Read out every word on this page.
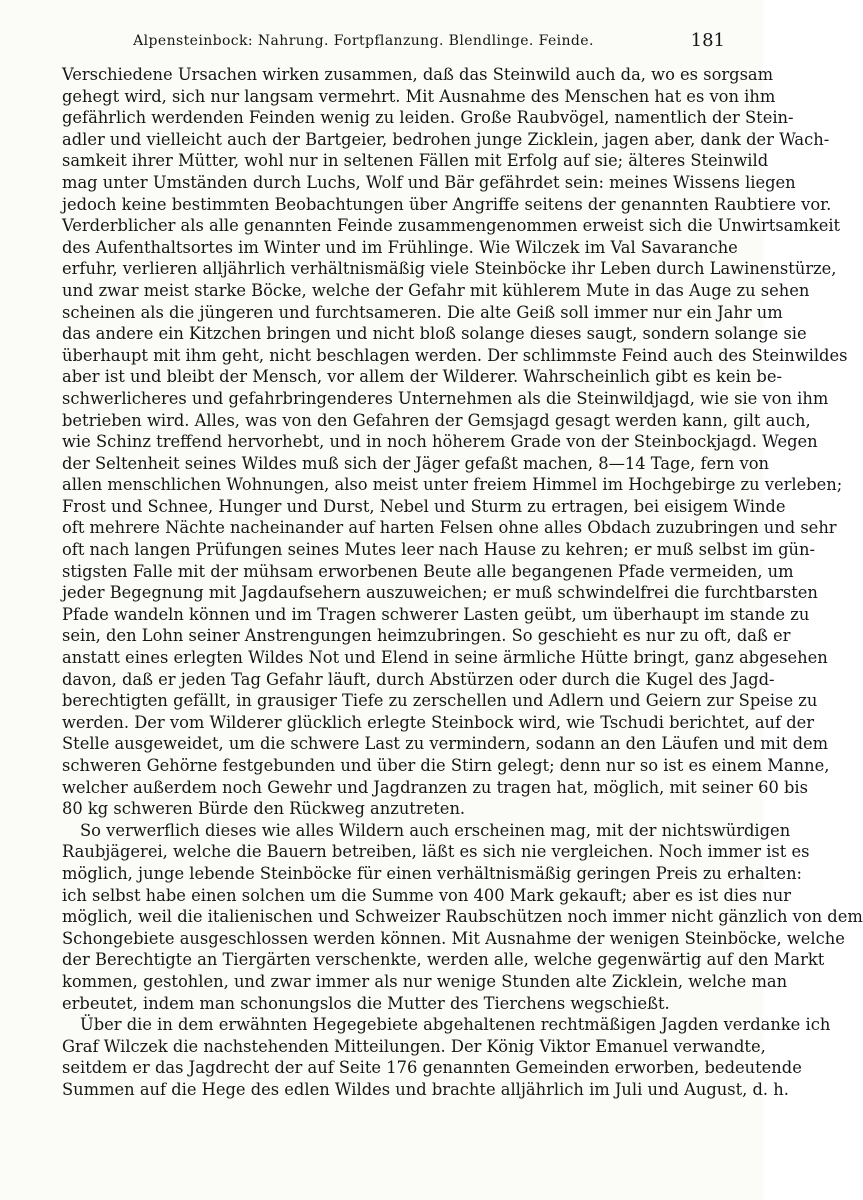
Alpensteinbock: Nahrung. Fortpflanzung. Blendlinge. Feinde.	181
Verschiedene Ursachen wirken zusammen, daß das Steinwild auch da, wo es sorgsam
gehegt wird, sich nur langsam vermehrt. Mit Ausnahme des Menschen hat es von ihm
gefährlich werdenden Feinden wenig zu leiden. Große Raubvögel, namentlich der Stein-
adler und vielleicht auch der Bartgeier, bedrohen junge Zicklein, jagen aber, dank der Wach-
samkeit ihrer Mütter, wohl nur in seltenen Fällen mit Erfolg auf sie; älteres Steinwild
mag unter Umständen durch Luchs, Wolf und Bär gefährdet sein: meines Wissens liegen
jedoch keine bestimmten Beobachtungen über Angriffe seitens der genannten Raubtiere vor.
Verderblicher als alle genannten Feinde zusammengenommen erweist sich die Unwirtsamkeit
des Aufenthaltsortes im Winter und im Frühlinge. Wie Wilczek im Val Savaranche
erfuhr, verlieren alljährlich verhältnismäßig viele Steinböcke ihr Leben durch Lawinenstürze,
und zwar meist starke Böcke, welche der Gefahr mit kühlerem Mute in das Auge zu sehen
scheinen als die jüngeren und furchtsameren. Die alte Geiß soll immer nur ein Jahr um
das andere ein Kitzchen bringen und nicht bloß solange dieses saugt, sondern solange sie
überhaupt mit ihm geht, nicht beschlagen werden. Der schlimmste Feind auch des Steinwildes
aber ist und bleibt der Mensch, vor allem der Wilderer. Wahrscheinlich gibt es kein be-
schwerlicheres und gefahrbringenderes Unternehmen als die Steinwildjagd, wie sie von ihm
betrieben wird. Alles, was von den Gefahren der Gemsjagd gesagt werden kann, gilt auch,
wie Schinz treffend hervorhebt, und in noch höherem Grade von der Steinbockjagd. Wegen
der Seltenheit seines Wildes muß sich der Jäger gefaßt machen, 8—14 Tage, fern von
allen menschlichen Wohnungen, also meist unter freiem Himmel im Hochgebirge zu verleben;
Frost und Schnee, Hunger und Durst, Nebel und Sturm zu ertragen, bei eisigem Winde
oft mehrere Nächte nacheinander auf harten Felsen ohne alles Obdach zuzubringen und sehr
oft nach langen Prüfungen seines Mutes leer nach Hause zu kehren; er muß selbst im gün-
stigsten Falle mit der mühsam erworbenen Beute alle begangenen Pfade vermeiden, um
jeder Begegnung mit Jagdaufsehern auszuweichen; er muß schwindelfrei die furchtbarsten
Pfade wandeln können und im Tragen schwerer Lasten geübt, um überhaupt im stande zu
sein, den Lohn seiner Anstrengungen heimzubringen. So geschieht es nur zu oft, daß er
anstatt eines erlegten Wildes Not und Elend in seine ärmliche Hütte bringt, ganz abgesehen
davon, daß er jeden Tag Gefahr läuft, durch Abstürzen oder durch die Kugel des Jagd-
berechtigten gefällt, in grausiger Tiefe zu zerschellen und Adlern und Geiern zur Speise zu
werden. Der vom Wilderer glücklich erlegte Steinbock wird, wie Tschudi berichtet, auf der
Stelle ausgeweidet, um die schwere Last zu vermindern, sodann an den Läufen und mit dem
schweren Gehörne festgebunden und über die Stirn gelegt; denn nur so ist es einem Manne,
welcher außerdem noch Gewehr und Jagdranzen zu tragen hat, möglich, mit seiner 60 bis
80 kg schweren Bürde den Rückweg anzutreten.
So verwerflich dieses wie alles Wildern auch erscheinen mag, mit der nichtswürdigen
Raubjägerei, welche die Bauern betreiben, läßt es sich nie vergleichen. Noch immer ist es
möglich, junge lebende Steinböcke für einen verhältnismäßig geringen Preis zu erhalten:
ich selbst habe einen solchen um die Summe von 400 Mark gekauft; aber es ist dies nur
möglich, weil die italienischen und Schweizer Raubschützen noch immer nicht gänzlich von dem
Schongebiete ausgeschlossen werden können. Mit Ausnahme der wenigen Steinböcke, welche
der Berechtigte an Tiergärten verschenkte, werden alle, welche gegenwärtig auf den Markt
kommen, gestohlen, und zwar immer als nur wenige Stunden alte Zicklein, welche man
erbeutet, indem man schonungslos die Mutter des Tierchens wegschießt.
Über die in dem erwähnten Hegegebiete abgehaltenen rechtmäßigen Jagden verdanke ich
Graf Wilczek die nachstehenden Mitteilungen. Der König Viktor Emanuel verwandte,
seitdem er das Jagdrecht der auf Seite 176 genannten Gemeinden erworben, bedeutende
Summen auf die Hege des edlen Wildes und brachte alljährlich im Juli und August, d. h.
